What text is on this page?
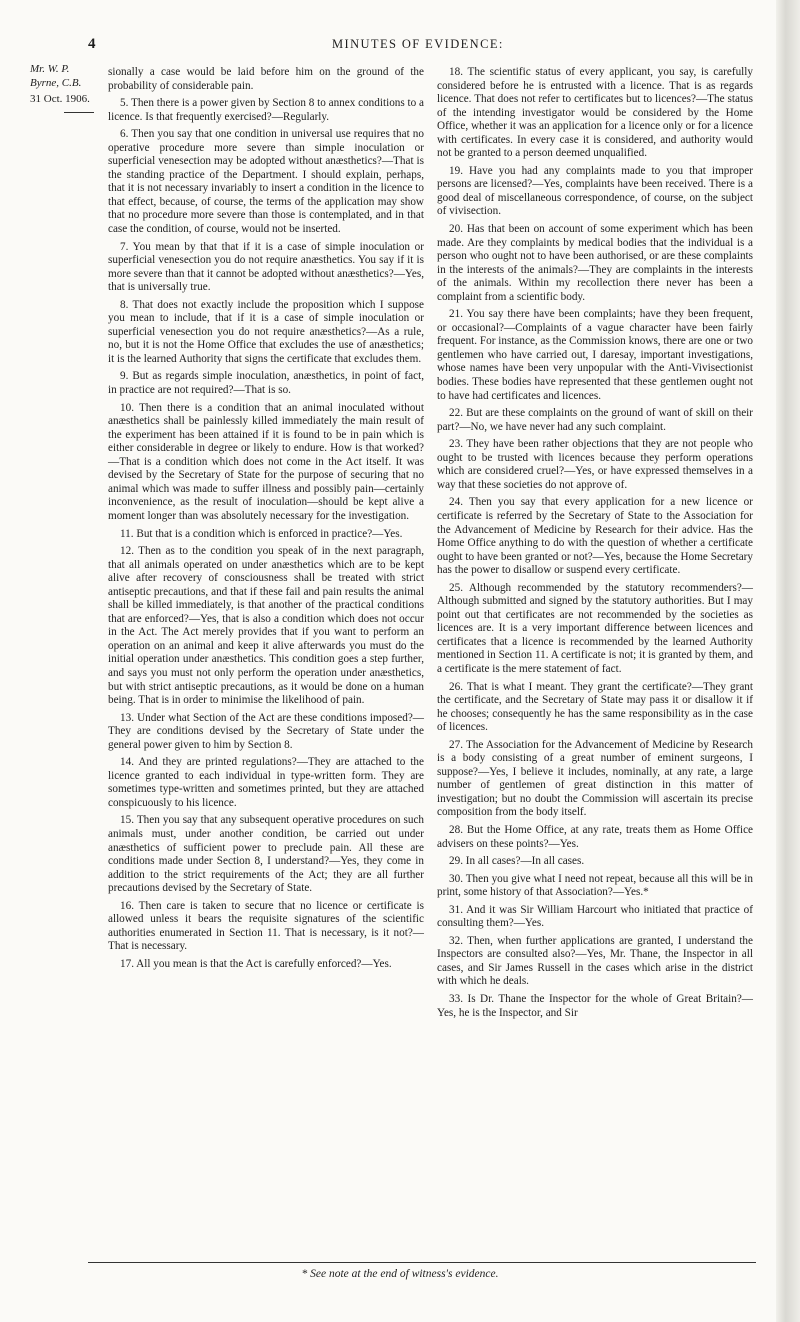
4	MINUTES OF EVIDENCE:
Mr. W. P. Byrne, C.B.
31 Oct. 1906.

sionally a case would be laid before him on the ground of the probability of considerable pain.

5. Then there is a power given by Section 8 to annex conditions to a licence. Is that frequently exercised?—Regularly.

6. Then you say that one condition in universal use requires that no operative procedure more severe than simple inoculation or superficial venesection may be adopted without anæsthetics?—That is the standing practice of the Department. I should explain, perhaps, that it is not necessary invariably to insert a condition in the licence to that effect, because, of course, the terms of the application may show that no procedure more severe than those is contemplated, and in that case the condition, of course, would not be inserted.

7. You mean by that that if it is a case of simple inoculation or superficial venesection you do not require anæsthetics. You say if it is more severe than that it cannot be adopted without anæsthetics?—Yes, that is universally true.

8. That does not exactly include the proposition which I suppose you mean to include, that if it is a case of simple inoculation or superficial venesection you do not require anæsthetics?—As a rule, no, but it is not the Home Office that excludes the use of anæsthetics; it is the learned Authority that signs the certificate that excludes them.

9. But as regards simple inoculation, anæsthetics, in point of fact, in practice are not required?—That is so.

10. Then there is a condition that an animal inoculated without anæsthetics shall be painlessly killed immediately the main result of the experiment has been attained if it is found to be in pain which is either considerable in degree or likely to endure. How is that worked?—That is a condition which does not come in the Act itself. It was devised by the Secretary of State for the purpose of securing that no animal which was made to suffer illness and possibly pain—certainly inconvenience, as the result of inoculation—should be kept alive a moment longer than was absolutely necessary for the investigation.

11. But that is a condition which is enforced in practice?—Yes.

12. Then as to the condition you speak of in the next paragraph, that all animals operated on under anæsthetics which are to be kept alive after recovery of consciousness shall be treated with strict antiseptic precautions, and that if these fail and pain results the animal shall be killed immediately, is that another of the practical conditions that are enforced?—Yes, that is also a condition which does not occur in the Act. The Act merely provides that if you want to perform an operation on an animal and keep it alive afterwards you must do the initial operation under anæsthetics. This condition goes a step further, and says you must not only perform the operation under anæsthetics, but with strict antiseptic precautions, as it would be done on a human being. That is in order to minimise the likelihood of pain.

13. Under what Section of the Act are these conditions imposed?—They are conditions devised by the Secretary of State under the general power given to him by Section 8.

14. And they are printed regulations?—They are attached to the licence granted to each individual in type-written form. They are sometimes type-written and sometimes printed, but they are attached conspicuously to his licence.

15. Then you say that any subsequent operative procedures on such animals must, under another condition, be carried out under anæsthetics of sufficient power to preclude pain. All these are conditions made under Section 8, I understand?—Yes, they come in addition to the strict requirements of the Act; they are all further precautions devised by the Secretary of State.

16. Then care is taken to secure that no licence or certificate is allowed unless it bears the requisite signatures of the scientific authorities enumerated in Section 11. That is necessary, is it not?—That is necessary.

17. All you mean is that the Act is carefully enforced?—Yes.

18. The scientific status of every applicant, you say, is carefully considered before he is entrusted with a licence. That is as regards licence. That does not refer to certificates but to licences?—The status of the intending investigator would be considered by the Home Office, whether it was an application for a licence only or for a licence with certificates. In every case it is considered, and authority would not be granted to a person deemed unqualified.

19. Have you had any complaints made to you that improper persons are licensed?—Yes, complaints have been received. There is a good deal of miscellaneous correspondence, of course, on the subject of vivisection.

20. Has that been on account of some experiment which has been made. Are they complaints by medical bodies that the individual is a person who ought not to have been authorised, or are these complaints in the interests of the animals?—They are complaints in the interests of the animals. Within my recollection there never has been a complaint from a scientific body.

21. You say there have been complaints; have they been frequent, or occasional?—Complaints of a vague character have been fairly frequent. For instance, as the Commission knows, there are one or two gentlemen who have carried out, I daresay, important investigations, whose names have been very unpopular with the Anti-Vivisectionist bodies. These bodies have represented that these gentlemen ought not to have had certificates and licences.

22. But are these complaints on the ground of want of skill on their part?—No, we have never had any such complaint.

23. They have been rather objections that they are not people who ought to be trusted with licences because they perform operations which are considered cruel?—Yes, or have expressed themselves in a way that these societies do not approve of.

24. Then you say that every application for a new licence or certificate is referred by the Secretary of State to the Association for the Advancement of Medicine by Research for their advice. Has the Home Office anything to do with the question of whether a certificate ought to have been granted or not?—Yes, because the Home Secretary has the power to disallow or suspend every certificate.

25. Although recommended by the statutory recommenders?—Although submitted and signed by the statutory authorities. But I may point out that certificates are not recommended by the societies as licences are. It is a very important difference between licences and certificates that a licence is recommended by the learned Authority mentioned in Section 11. A certificate is not; it is granted by them, and a certificate is the mere statement of fact.

26. That is what I meant. They grant the certificate?—They grant the certificate, and the Secretary of State may pass it or disallow it if he chooses; consequently he has the same responsibility as in the case of licences.

27. The Association for the Advancement of Medicine by Research is a body consisting of a great number of eminent surgeons, I suppose?—Yes, I believe it includes, nominally, at any rate, a large number of gentlemen of great distinction in this matter of investigation; but no doubt the Commission will ascertain its precise composition from the body itself.

28. But the Home Office, at any rate, treats them as Home Office advisers on these points?—Yes.

29. In all cases?—In all cases.

30. Then you give what I need not repeat, because all this will be in print, some history of that Association?—Yes.*

31. And it was Sir William Harcourt who initiated that practice of consulting them?—Yes.

32. Then, when further applications are granted, I understand the Inspectors are consulted also?—Yes, Mr. Thane, the Inspector in all cases, and Sir James Russell in the cases which arise in the district with which he deals.

33. Is Dr. Thane the Inspector for the whole of Great Britain?—Yes, he is the Inspector, and Sir

* See note at the end of witness's evidence.
